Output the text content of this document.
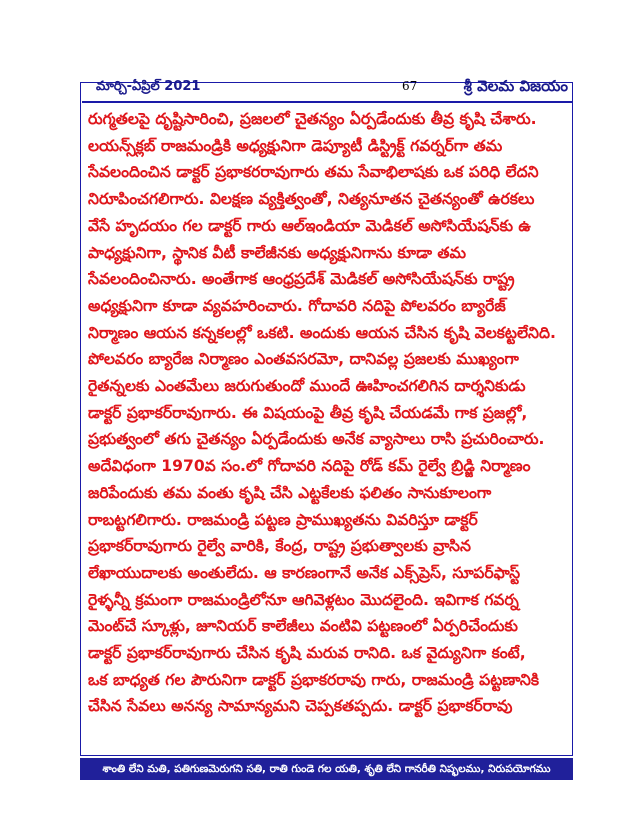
మార్చి-ఏప్రిల్ 2021	67	శ్రీ వెలమ విజయం
రుగ్మతలపై దృష్టిసారించి, ప్రజలలో చైతన్యం ఏర్పడేందుకు తీవ్ర కృషి చేశారు.
లయన్స్‌క్లబ్ రాజమండ్రికి అధ్యక్షునిగా డెప్యూటీ డిస్ట్రిక్ట్ గవర్నర్‌గా తమ
సేవలందించిన డాక్టర్ ప్రభాకరరావుగారు తమ సేవాభిలాషకు ఒక పరిధి లేదని
నిరూపించగలిగారు. విలక్షణ వ్యక్తిత్వంతో, నిత్యనూతన చైతన్యంతో ఉరకలు
వేసే హృదయం గల డాక్టర్ గారు ఆల్‌ఇండియా మెడికల్ అసోసియేషన్‌కు ఉ
పాధ్యక్షునిగా, స్థానిక వీటీ కాలేజీనకు అధ్యక్షునిగాను కూడా తమ
సేవలందించినారు. అంతేగాక ఆంధ్రప్రదేశ్ మెడికల్ అసోసియేషన్‌కు రాష్ట్ర
అధ్యక్షునిగా కూడా వ్యవహరించారు. గోదావరి నదిపై పోలవరం బ్యారేజ్
నిర్మాణం ఆయన కన్నకలల్లో ఒకటి. అందుకు ఆయన చేసిన కృషి వెలకట్టలేనిది.
పోలవరం బ్యారేజ నిర్మాణం ఎంతవసరమో, దానివల్ల ప్రజలకు ముఖ్యంగా
రైతన్నలకు ఎంతమేలు జరుగుతుందో ముందే ఊహించగలిగిన దార్శనికుడు
డాక్టర్ ప్రభాకర్‌రావుగారు. ఈ విషయంపై తీవ్ర కృషి చేయడమే గాక ప్రజల్లో,
ప్రభుత్వంలో తగు చైతన్యం ఏర్పడేందుకు అనేక వ్యాసాలు రాసి ప్రచురించారు.
అదేవిధంగా 1970వ సం.లో గోదావరి నదిపై రోడ్ కమ్ రైల్వే బ్రిడ్జి నిర్మాణం
జరిపేందుకు తమ వంతు కృషి చేసి ఎట్టకేలకు ఫలితం సానుకూలంగా
రాబట్టగలిగారు. రాజమండ్రి పట్టణ ప్రాముఖ్యతను వివరిస్తూ డాక్టర్
ప్రభాకర్‌రావుగారు రైల్వే వారికి, కేంద్ర, రాష్ట్ర ప్రభుత్వాలకు వ్రాసిన
లేఖాయుదాలకు అంతులేదు. ఆ కారణంగానే అనేక ఎక్స్‌ప్రెస్, సూపర్‌ఫాస్ట్
రైళ్ళన్నీ క్రమంగా రాజమండ్రిలోనూ ఆగివెళ్లటం మొదలైంది. ఇవిగాక గవర్న
మెంట్‌చే స్కూళ్లు, జూనియర్ కాలేజీలు వంటివి పట్టణంలో ఏర్పరిచేందుకు
డాక్టర్ ప్రభాకర్‌రావుగారు చేసిన కృషి మరువ రానిది. ఒక వైద్యునిగా కంటే,
ఒక బాధ్యత గల పౌరునిగా డాక్టర్ ప్రభాకరరావు గారు, రాజమండ్రి పట్టణానికి
చేసిన సేవలు అనన్య సామాన్యమని చెప్పకతప్పదు. డాక్టర్ ప్రభాకర్‌రావు
శాంతి లేని మతి, పతిగుణమెరుగని సతి, రాతి గుండె గల యతి, శృతి లేని గానరీతి నిష్ఫలము, నిరుపయోగము
